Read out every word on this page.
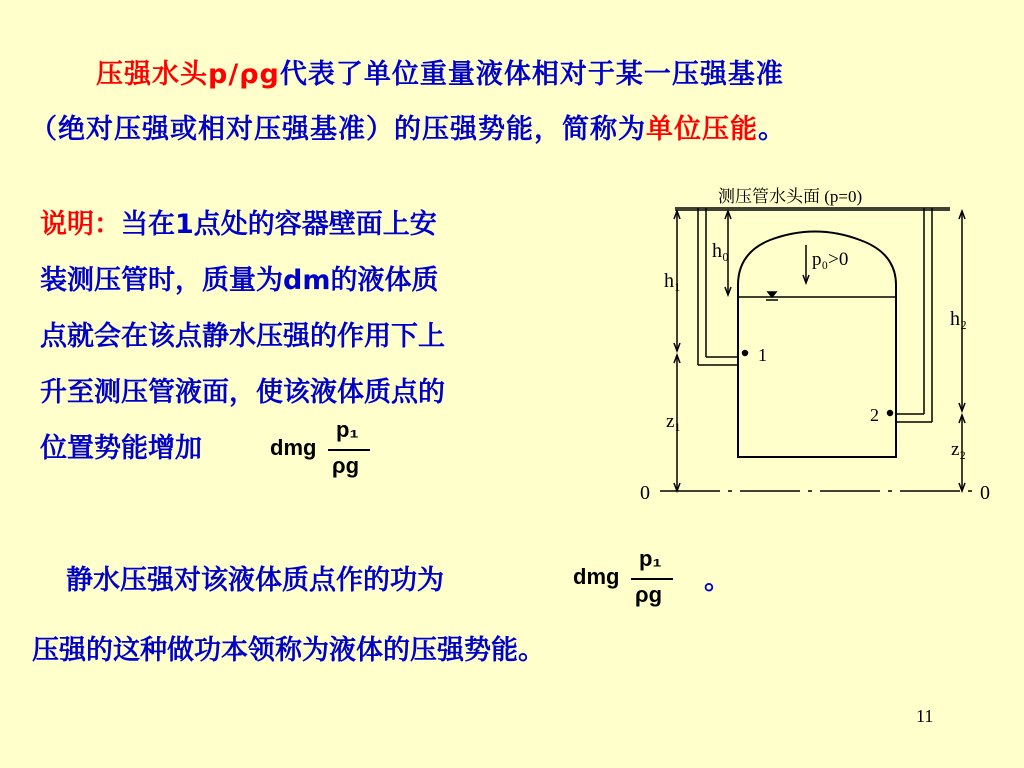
压强水头p/ρg代表了单位重量液体相对于某一压强基准
（绝对压强或相对压强基准）的压强势能，简称为单位压能。
说明：当在1点处的容器壁面上安
装测压管时，质量为dm的液体质
点就会在该点静水压强的作用下上
升至测压管液面，使该液体质点的
位置势能增加	dmg
p₁
ρg
静水压强对该液体质点作的功为	dmg
p₁
ρg 。
压强的这种做功本领称为液体的压强势能。
11
测压管水头面 (p=0)
1
2
h₀	p₀>0
h₁
z₁
h₂
z₂
0	0
